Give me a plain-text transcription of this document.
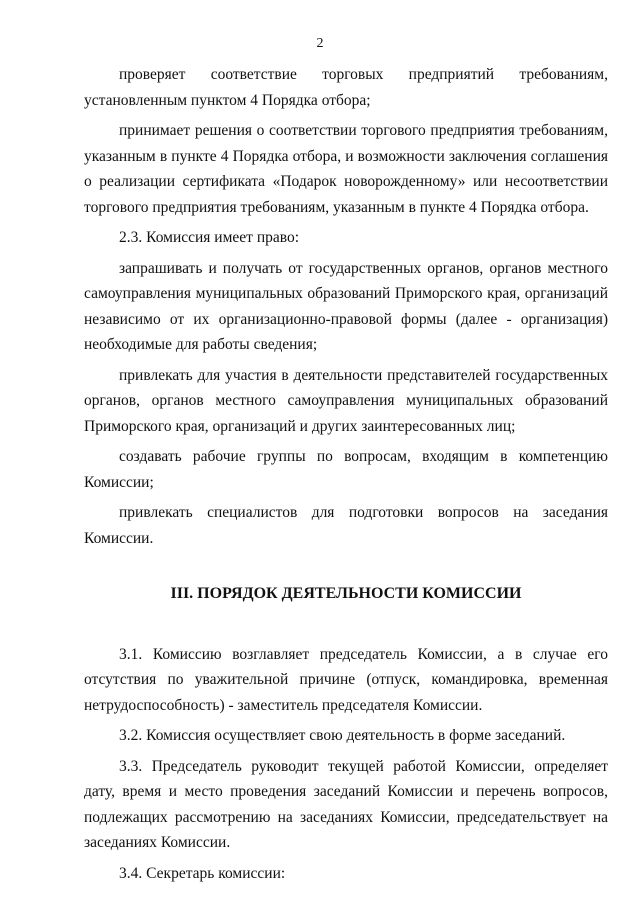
2

проверяет соответствие торговых предприятий требованиям, установленным пунктом 4 Порядка отбора;

принимает решения о соответствии торгового предприятия требованиям, указанным в пункте 4 Порядка отбора, и возможности заключения соглашения о реализации сертификата «Подарок новорожденному» или несоответствии торгового предприятия требованиям, указанным в пункте 4 Порядка отбора.

2.3. Комиссия имеет право:

запрашивать и получать от государственных органов, органов местного самоуправления муниципальных образований Приморского края, организаций независимо от их организационно-правовой формы (далее - организация) необходимые для работы сведения;

привлекать для участия в деятельности представителей государственных органов, органов местного самоуправления муниципальных образований Приморского края, организаций и других заинтересованных лиц;

создавать рабочие группы по вопросам, входящим в компетенцию Комиссии;

привлекать специалистов для подготовки вопросов на заседания Комиссии.

III. ПОРЯДОК ДЕЯТЕЛЬНОСТИ КОМИССИИ

3.1. Комиссию возглавляет председатель Комиссии, а в случае его отсутствия по уважительной причине (отпуск, командировка, временная нетрудоспособность) - заместитель председателя Комиссии.

3.2. Комиссия осуществляет свою деятельность в форме заседаний.

3.3. Председатель руководит текущей работой Комиссии, определяет дату, время и место проведения заседаний Комиссии и перечень вопросов, подлежащих рассмотрению на заседаниях Комиссии, председательствует на заседаниях Комиссии.

3.4. Секретарь комиссии:
